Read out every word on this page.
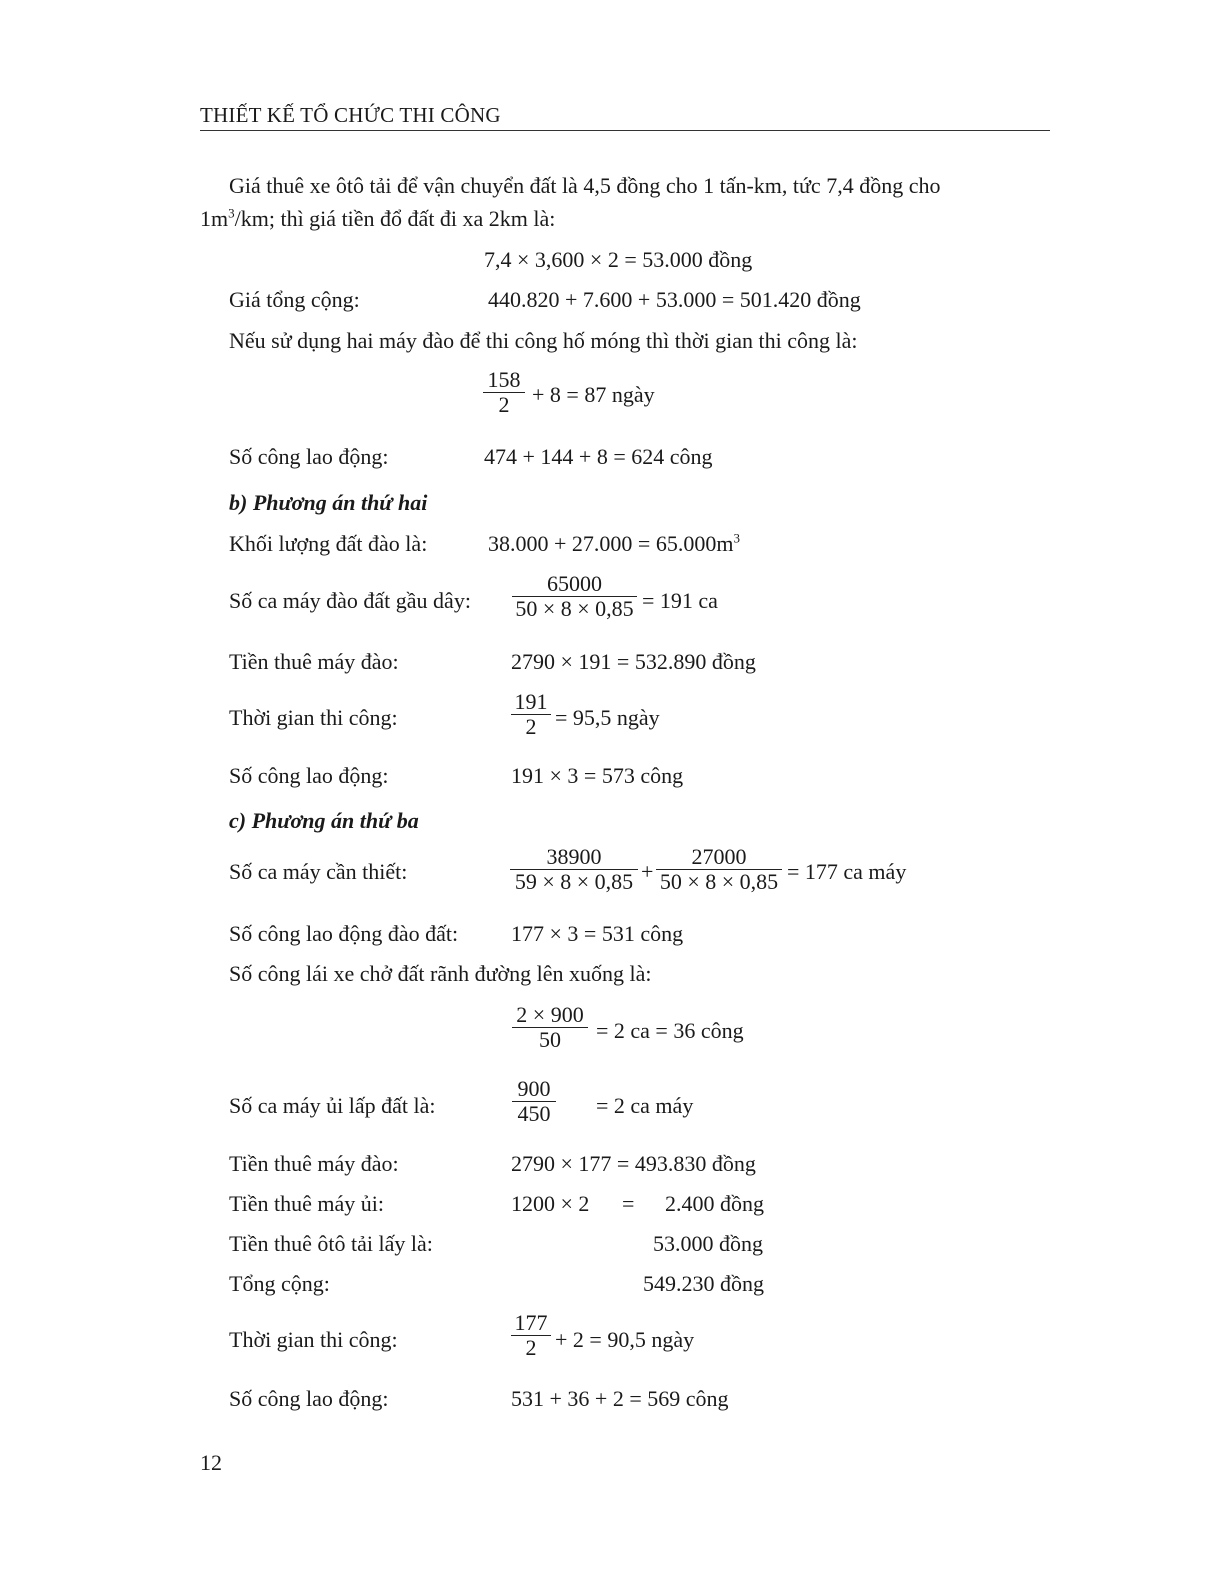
THIẾT KẾ TỔ CHỨC THI CÔNG
Giá thuê xe ôtô tải để vận chuyển đất là 4,5 đồng cho 1 tấn-km, tức 7,4 đồng cho
$1m^3/km$; thì giá tiền đổ đất đi xa 2km là:
7,4 × 3,600 × 2 = 53.000 đồng
Giá tổng cộng:	440.820 + 7.600 + 53.000 = 501.420 đồng
Nếu sử dụng hai máy đào để thi công hố móng thì thời gian thi công là:
$\frac{158}{2} + 8 = 87$ ngày
Số công lao động:	474 + 144 + 8 = 624 công
b) Phương án thứ hai
Khối lượng đất đào là:	$38.000 + 27.000 = 65.000m^3$
Số ca máy đào đất gầu dây: $\frac{65000}{50 \times 8 \times 0,85} = 191$ ca
Tiền thuê máy đào:	2790 × 191 = 532.890 đồng
Thời gian thi công:	$\frac{191}{2} = 95,5$ ngày
Số công lao động:	191 × 3 = 573 công
c) Phương án thứ ba
Số ca máy cần thiết:	$\frac{38900}{59 \times 8 \times 0,85} + \frac{27000}{50 \times 8 \times 0,85} = 177$ ca máy
Số công lao động đào đất: 177 × 3 = 531 công
Số công lái xe chở đất rãnh đường lên xuống là:
$\frac{2 \times 900}{50} = 2$ ca = 36 công
Số ca máy ủi lấp đất là:	$\frac{900}{450} = 2$ ca máy
Tiền thuê máy đào:	2790 × 177 = 493.830 đồng
Tiền thuê máy ủi:	1200 × 2 = 2.400 đồng
Tiền thuê ôtô tải lấy là:	53.000 đồng
Tổng cộng:	549.230 đồng
Thời gian thi công:	$\frac{177}{2} + 2 = 90,5$ ngày
Số công lao động:	531 + 36 + 2 = 569 công
12
